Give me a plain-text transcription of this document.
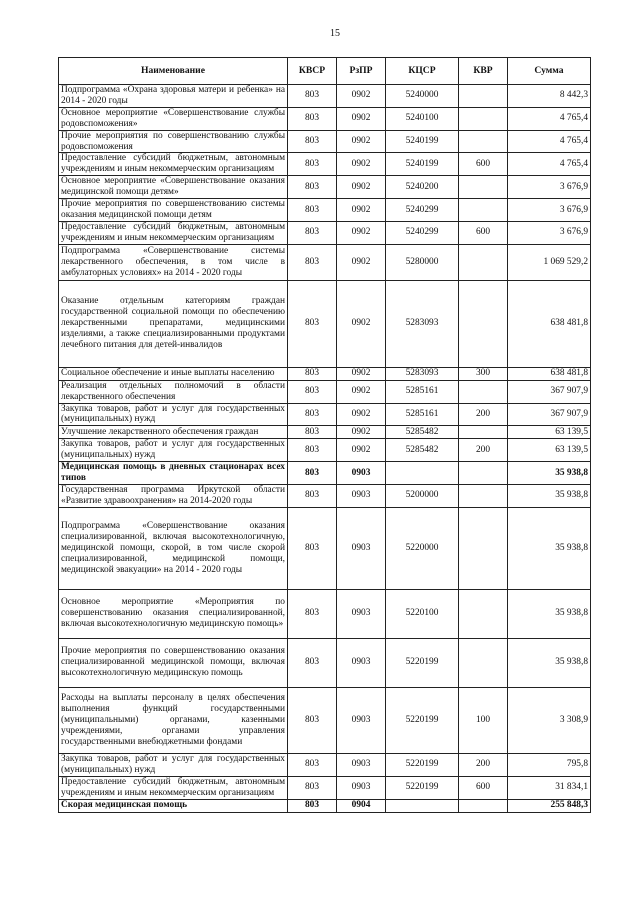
15
Наименование	КВСР	РзПР	КЦСР	КВР	Сумма
Подпрограмма «Охрана здоровья матери и ребенка» на 2014 - 2020 годы	803	0902	5240000		8 442,3
Основное мероприятие «Совершенствование службы родовспоможения»	803	0902	5240100		4 765,4
Прочие мероприятия по совершенствованию службы родовспоможения	803	0902	5240199		4 765,4
Предоставление субсидий бюджетным, автономным учреждениям и иным некоммерческим организациям	803	0902	5240199	600	4 765,4
Основное мероприятие «Совершенствование оказания медицинской помощи детям»	803	0902	5240200		3 676,9
Прочие мероприятия по совершенствованию системы оказания медицинской помощи детям	803	0902	5240299		3 676,9
Предоставление субсидий бюджетным, автономным учреждениям и иным некоммерческим организациям	803	0902	5240299	600	3 676,9
Подпрограмма «Совершенствование системы лекарственного обеспечения, в том числе в амбулаторных условиях» на 2014 - 2020 годы	803	0902	5280000		1 069 529,2
Оказание отдельным категориям граждан государственной социальной помощи по обеспечению лекарственными препаратами, медицинскими изделиями, а также специализированными продуктами лечебного питания для детей-инвалидов	803	0902	5283093		638 481,8
Социальное обеспечение и иные выплаты населению	803	0902	5283093	300	638 481,8
Реализация отдельных полномочий в области лекарственного обеспечения	803	0902	5285161		367 907,9
Закупка товаров, работ и услуг для государственных (муниципальных) нужд	803	0902	5285161	200	367 907,9
Улучшение лекарственного обеспечения граждан	803	0902	5285482		63 139,5
Закупка товаров, работ и услуг для государственных (муниципальных) нужд	803	0902	5285482	200	63 139,5
Медицинская помощь в дневных стационарах всех типов	803	0903			35 938,8
Государственная программа Иркутской области «Развитие здравоохранения» на 2014-2020 годы	803	0903	5200000		35 938,8
Подпрограмма «Совершенствование оказания специализированной, включая высокотехнологичную, медицинской помощи, скорой, в том числе скорой специализированной, медицинской помощи, медицинской эвакуации» на 2014 - 2020 годы	803	0903	5220000		35 938,8
Основное мероприятие «Мероприятия по совершенствованию оказания специализированной, включая высокотехнологичную медицинскую помощь»	803	0903	5220100		35 938,8
Прочие мероприятия по совершенствованию оказания специализированной медицинской помощи, включая высокотехнологичную медицинскую помощь	803	0903	5220199		35 938,8
Расходы на выплаты персоналу в целях обеспечения выполнения функций государственными (муниципальными) органами, казенными учреждениями, органами управления государственными внебюджетными фондами	803	0903	5220199	100	3 308,9
Закупка товаров, работ и услуг для государственных (муниципальных) нужд	803	0903	5220199	200	795,8
Предоставление субсидий бюджетным, автономным учреждениям и иным некоммерческим организациям	803	0903	5220199	600	31 834,1
Скорая медицинская помощь	803	0904			255 848,3
